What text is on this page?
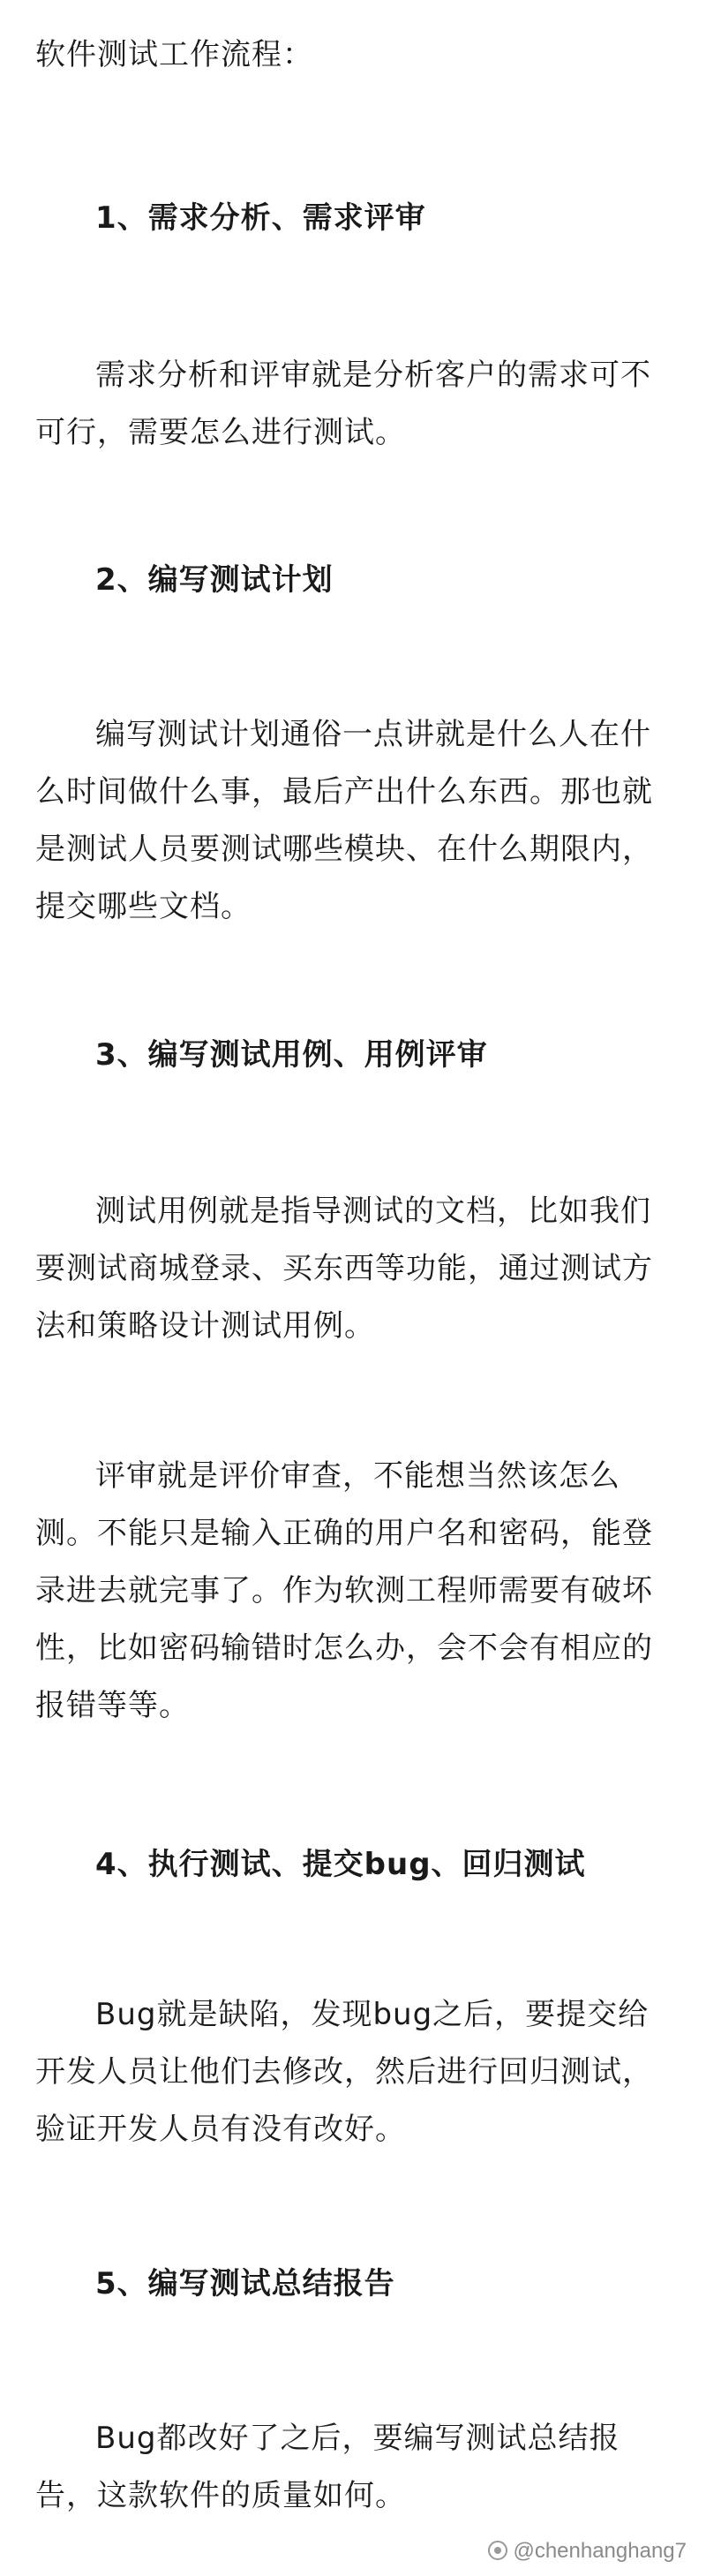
软件测试工作流程：

1、需求分析、需求评审

需求分析和评审就是分析客户的需求可不可行，需要怎么进行测试。

2、编写测试计划

编写测试计划通俗一点讲就是什么人在什么时间做什么事，最后产出什么东西。那也就是测试人员要测试哪些模块、在什么期限内，提交哪些文档。

3、编写测试用例、用例评审

测试用例就是指导测试的文档，比如我们要测试商城登录、买东西等功能，通过测试方法和策略设计测试用例。

评审就是评价审查，不能想当然该怎么测。不能只是输入正确的用户名和密码，能登录进去就完事了。作为软测工程师需要有破坏性，比如密码输错时怎么办，会不会有相应的报错等等。

4、执行测试、提交bug、回归测试

Bug就是缺陷，发现bug之后，要提交给开发人员让他们去修改，然后进行回归测试，验证开发人员有没有改好。

5、编写测试总结报告

Bug都改好了之后，要编写测试总结报告，这款软件的质量如何。

@chenhanghang7
